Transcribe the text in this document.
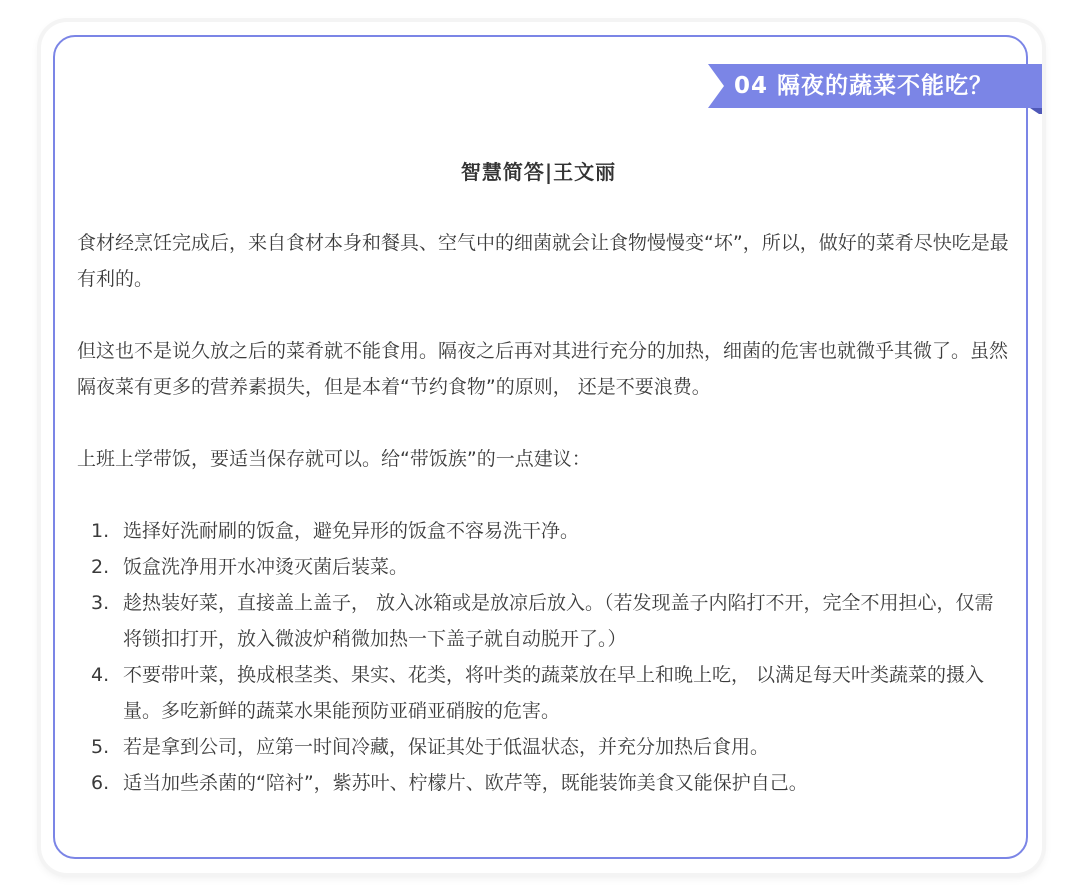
04 隔夜的蔬菜不能吃？
智慧简答|王文丽

食材经烹饪完成后，来自食材本身和餐具、空气中的细菌就会让食物慢慢变“坏”，所以，做好的菜肴尽快吃是最有利的。

但这也不是说久放之后的菜肴就不能食用。隔夜之后再对其进行充分的加热，细菌的危害也就微乎其微了。虽然隔夜菜有更多的营养素损失，但是本着“节约食物”的原则， 还是不要浪费。

上班上学带饭，要适当保存就可以。给“带饭族”的一点建议：

1. 选择好洗耐刷的饭盒，避免异形的饭盒不容易洗干净。
2. 饭盒洗净用开水冲烫灭菌后装菜。
3. 趁热装好菜，直接盖上盖子， 放入冰箱或是放凉后放入。（若发现盖子内陷打不开，完全不用担心，仅需将锁扣打开，放入微波炉稍微加热一下盖子就自动脱开了。）
4. 不要带叶菜，换成根茎类、果实、花类，将叶类的蔬菜放在早上和晚上吃， 以满足每天叶类蔬菜的摄入量。多吃新鲜的蔬菜水果能预防亚硝亚硝胺的危害。
5. 若是拿到公司，应第一时间冷藏，保证其处于低温状态，并充分加热后食用。
6. 适当加些杀菌的“陪衬”，紫苏叶、柠檬片、欧芹等，既能装饰美食又能保护自己。
